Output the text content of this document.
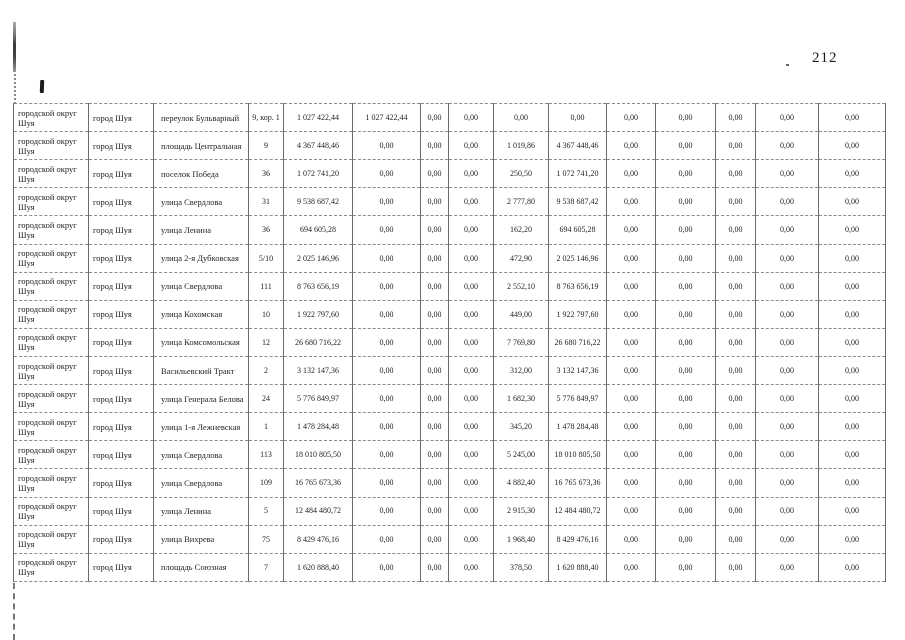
212
городской округ Шуя	город Шуя	переулок Бульварный	9, кор. 1	1 027 422,44	1 027 422,44	0,00	0,00	0,00	0,00	0,00	0,00	0,00	0,00	0,00
городской округ Шуя	город Шуя	площадь Центральная	9	4 367 448,46	0,00	0,00	0,00	1 019,86	4 367 448,46	0,00	0,00	0,00	0,00	0,00
городской округ Шуя	город Шуя	поселок Победа	36	1 072 741,20	0,00	0,00	0,00	250,50	1 072 741,20	0,00	0,00	0,00	0,00	0,00
городской округ Шуя	город Шуя	улица Свердлова	31	9 538 687,42	0,00	0,00	0,00	2 777,80	9 538 687,42	0,00	0,00	0,00	0,00	0,00
городской округ Шуя	город Шуя	улица Ленина	36	694 605,28	0,00	0,00	0,00	162,20	694 605,28	0,00	0,00	0,00	0,00	0,00
городской округ Шуя	город Шуя	улица 2-я Дубковская	5/10	2 025 146,96	0,00	0,00	0,00	472,90	2 025 146,96	0,00	0,00	0,00	0,00	0,00
городской округ Шуя	город Шуя	улица Свердлова	111	8 763 656,19	0,00	0,00	0,00	2 552,10	8 763 656,19	0,00	0,00	0,00	0,00	0,00
городской округ Шуя	город Шуя	улица Кохомская	10	1 922 797,60	0,00	0,00	0,00	449,00	1 922 797,60	0,00	0,00	0,00	0,00	0,00
городской округ Шуя	город Шуя	улица Комсомольская	12	26 680 716,22	0,00	0,00	0,00	7 769,80	26 680 716,22	0,00	0,00	0,00	0,00	0,00
городской округ Шуя	город Шуя	Васильевский Тракт	2	3 132 147,36	0,00	0,00	0,00	312,00	3 132 147,36	0,00	0,00	0,00	0,00	0,00
городской округ Шуя	город Шуя	улица Генерала Белова	24	5 776 849,97	0,00	0,00	0,00	1 682,30	5 776 849,97	0,00	0,00	0,00	0,00	0,00
городской округ Шуя	город Шуя	улица 1-я Лежневская	1	1 478 284,48	0,00	0,00	0,00	345,20	1 478 284,48	0,00	0,00	0,00	0,00	0,00
городской округ Шуя	город Шуя	улица Свердлова	113	18 010 805,50	0,00	0,00	0,00	5 245,00	18 010 805,50	0,00	0,00	0,00	0,00	0,00
городской округ Шуя	город Шуя	улица Свердлова	109	16 765 673,36	0,00	0,00	0,00	4 882,40	16 765 673,36	0,00	0,00	0,00	0,00	0,00
городской округ Шуя	город Шуя	улица Ленина	5	12 484 480,72	0,00	0,00	0,00	2 915,30	12 484 480,72	0,00	0,00	0,00	0,00	0,00
городской округ Шуя	город Шуя	улица Вихрева	75	8 429 476,16	0,00	0,00	0,00	1 968,40	8 429 476,16	0,00	0,00	0,00	0,00	0,00
городской округ Шуя	город Шуя	площадь Союзная	7	1 620 888,40	0,00	0,00	0,00	378,50	1 620 888,40	0,00	0,00	0,00	0,00	0,00
